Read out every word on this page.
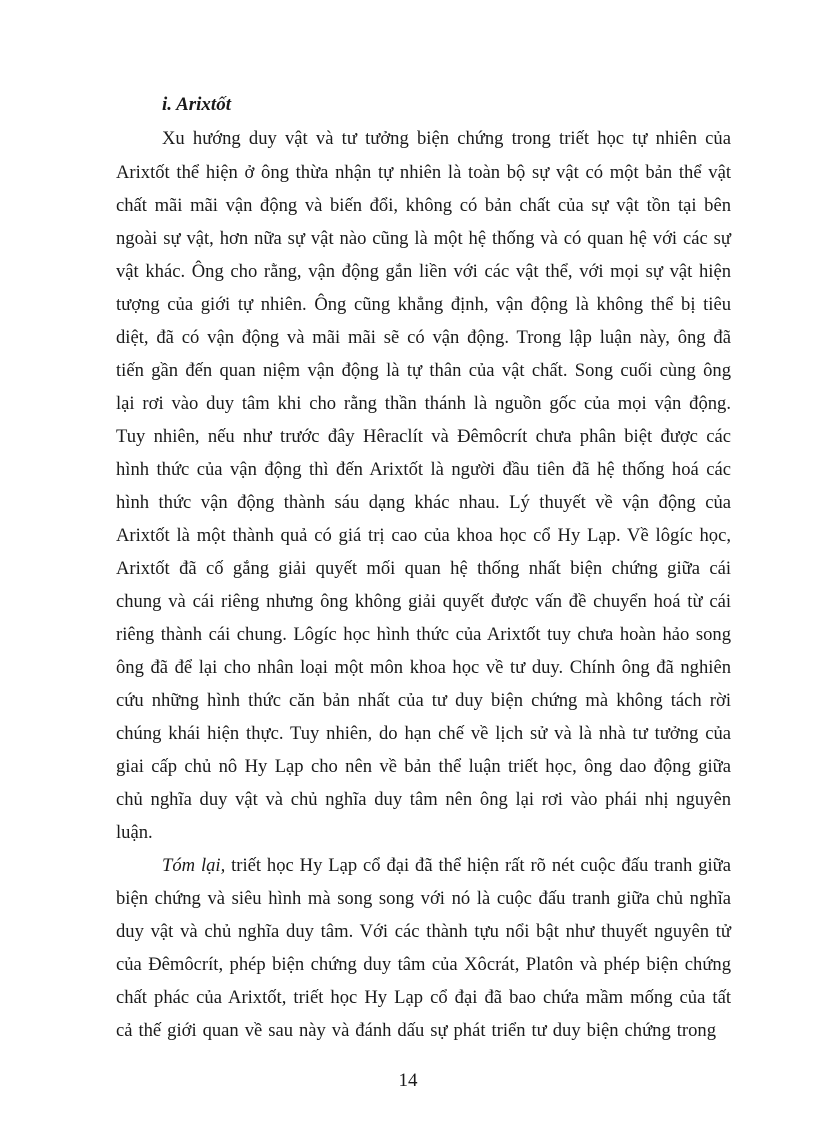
i. Arixtốt
Xu hướng duy vật và tư tưởng biện chứng trong triết học tự nhiên của
Arixtốt thể hiện ở ông thừa nhận tự nhiên là toàn bộ sự vật có một bản thể vật
chất mãi mãi vận động và biến đổi, không có bản chất của sự vật tồn tại bên
ngoài sự vật, hơn nữa sự vật nào cũng là một hệ thống và có quan hệ với các sự
vật khác. Ông cho rằng, vận động gắn liền với các vật thể, với mọi sự vật hiện
tượng của giới tự nhiên. Ông cũng khẳng định, vận động là không thể bị tiêu
diệt, đã có vận động và mãi mãi sẽ có vận động. Trong lập luận này, ông đã
tiến gần đến quan niệm vận động là tự thân của vật chất. Song cuối cùng ông
lại rơi vào duy tâm khi cho rằng thần thánh là nguồn gốc của mọi vận động.
Tuy nhiên, nếu như trước đây Hêraclít và Đêmôcrít chưa phân biệt được các
hình thức của vận động thì đến Arixtốt là người đầu tiên đã hệ thống hoá các
hình thức vận động thành sáu dạng khác nhau. Lý thuyết về vận động của
Arixtốt là một thành quả có giá trị cao của khoa học cổ Hy Lạp. Về lôgíc học,
Arixtốt đã cố gắng giải quyết mối quan hệ thống nhất biện chứng giữa cái
chung và cái riêng nhưng ông không giải quyết được vấn đề chuyển hoá từ cái
riêng thành cái chung. Lôgíc học hình thức của Arixtốt tuy chưa hoàn hảo song
ông đã để lại cho nhân loại một môn khoa học về tư duy. Chính ông đã nghiên
cứu những hình thức căn bản nhất của tư duy biện chứng mà không tách rời
chúng khái hiện thực. Tuy nhiên, do hạn chế về lịch sử và là nhà tư tưởng của
giai cấp chủ nô Hy Lạp cho nên về bản thể luận triết học, ông dao động giữa
chủ nghĩa duy vật và chủ nghĩa duy tâm nên ông lại rơi vào phái nhị nguyên
luận.
Tóm lại, triết học Hy Lạp cổ đại đã thể hiện rất rõ nét cuộc đấu tranh giữa
biện chứng và siêu hình mà song song với nó là cuộc đấu tranh giữa chủ nghĩa
duy vật và chủ nghĩa duy tâm. Với các thành tựu nổi bật như thuyết nguyên tử
của Đêmôcrít, phép biện chứng duy tâm của Xôcrát, Platôn và phép biện chứng
chất phác của Arixtốt, triết học Hy Lạp cổ đại đã bao chứa mầm mống của tất
cả thế giới quan về sau này và đánh dấu sự phát triển tư duy biện chứng trong
14
